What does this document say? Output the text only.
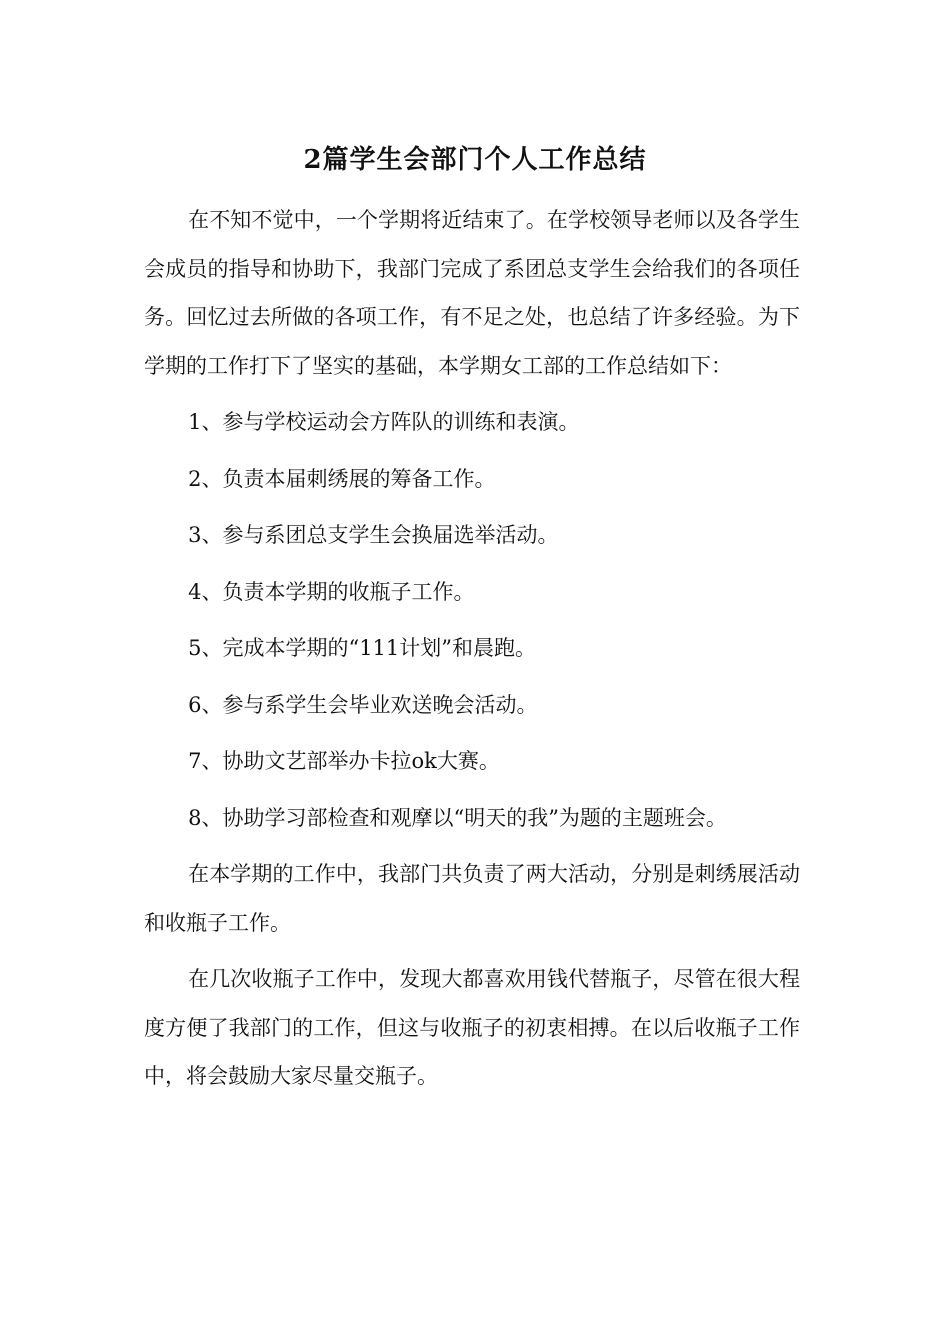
2篇学生会部门个人工作总结

在不知不觉中，一个学期将近结束了。在学校领导老师以及各学生会成员的指导和协助下，我部门完成了系团总支学生会给我们的各项任务。回忆过去所做的各项工作，有不足之处，也总结了许多经验。为下学期的工作打下了坚实的基础，本学期女工部的工作总结如下：

1、参与学校运动会方阵队的训练和表演。

2、负责本届刺绣展的筹备工作。

3、参与系团总支学生会换届选举活动。

4、负责本学期的收瓶子工作。

5、完成本学期的“111计划”和晨跑。

6、参与系学生会毕业欢送晚会活动。

7、协助文艺部举办卡拉ok大赛。

8、协助学习部检查和观摩以“明天的我”为题的主题班会。

在本学期的工作中，我部门共负责了两大活动，分别是刺绣展活动和收瓶子工作。

在几次收瓶子工作中，发现大都喜欢用钱代替瓶子，尽管在很大程度方便了我部门的工作，但这与收瓶子的初衷相搏。在以后收瓶子工作中，将会鼓励大家尽量交瓶子。
